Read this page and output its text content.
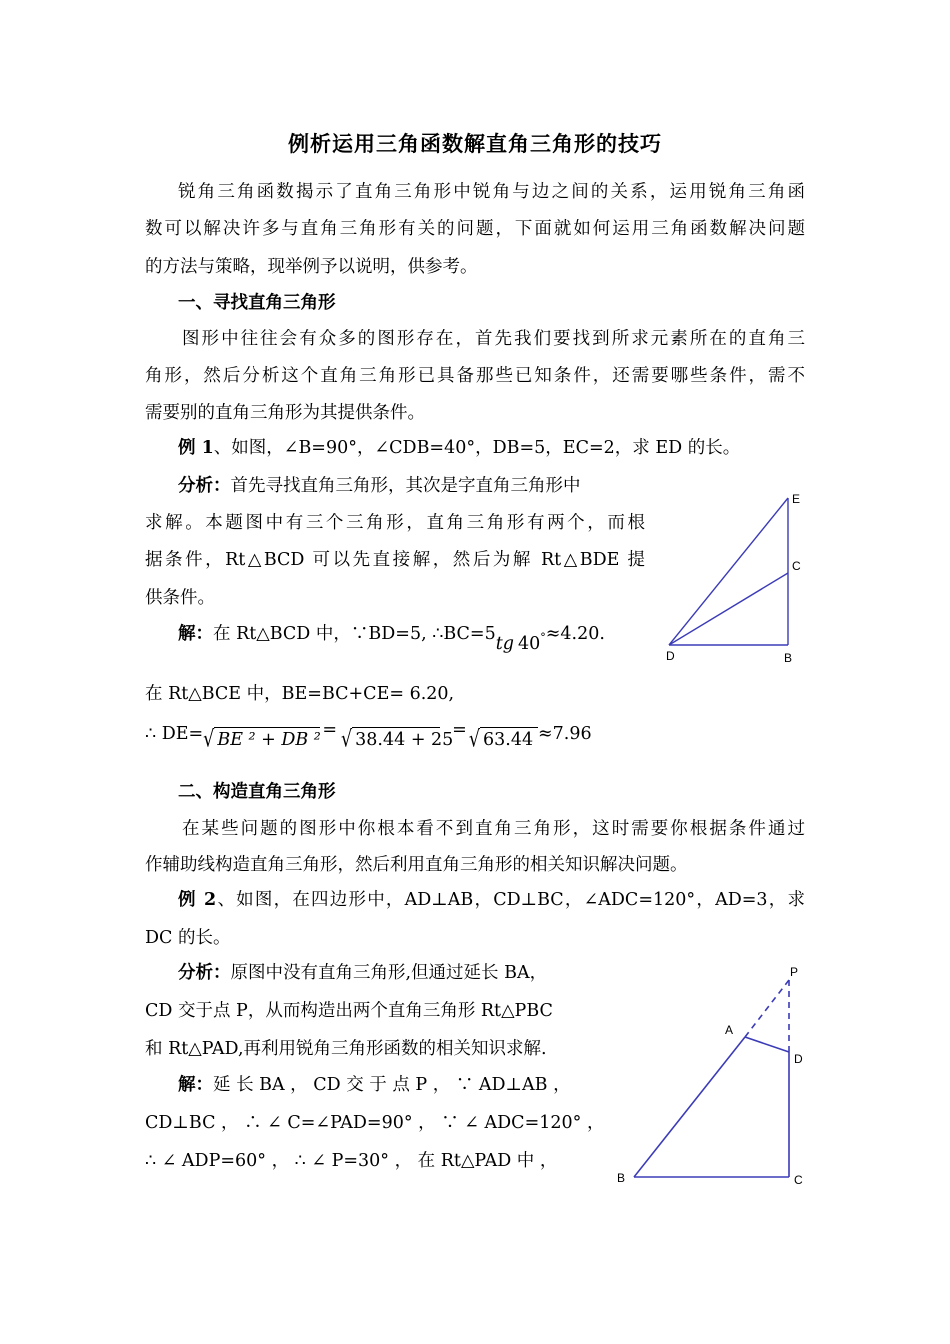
例析运用三角函数解直角三角形的技巧
锐角三角函数揭示了直角三角形中锐角与边之间的关系，运用锐角三角函
数可以解决许多与直角三角形有关的问题，下面就如何运用三角函数解决问题
的方法与策略，现举例予以说明，供参考。
一、寻找直角三角形
图形中往往会有众多的图形存在，首先我们要找到所求元素所在的直角三
角形，然后分析这个直角三角形已具备那些已知条件，还需要哪些条件，需不
需要别的直角三角形为其提供条件。
例 1、如图，∠B=90°，∠CDB=40°，DB=5，EC=2，求 ED 的长。
分析：首先寻找直角三角形，其次是字直角三角形中
求解。本题图中有三个三角形，直角三角形有两个，而根
据条件，Rt△BCD 可以先直接解，然后为解 Rt△BDE 提
供条件。
解：在 Rt△BCD 中，∵BD=5, ∴BC=5tg 40°≈4.20.
在 Rt△BCE 中，BE=BC+CE= 6.20,
∴ DE=√ BE ² + DB ²= √ 38.44 + 25= √ 63.44 ≈7.96
E
C
D	B
二、构造直角三角形
在某些问题的图形中你根本看不到直角三角形，这时需要你根据条件通过
作辅助线构造直角三角形，然后利用直角三角形的相关知识解决问题。
例 2、如图，在四边形中，AD⊥AB，CD⊥BC，∠ADC=120°，AD=3，求
DC 的长。
分析：原图中没有直角三角形,但通过延长 BA，
CD 交于点 P，从而构造出两个直角三角形 Rt△PBC
和 Rt△PAD,再利用锐角三角形函数的相关知识求解.
解：延 长 BA ， CD 交 于 点 P ， ∵ AD⊥AB ，
CD⊥BC ， ∴ ∠ C=∠PAD=90° ， ∵ ∠ ADC=120° ，
∴ ∠ ADP=60° ， ∴ ∠ P=30° ， 在 Rt△PAD 中 ，
P
A
D
B	C
